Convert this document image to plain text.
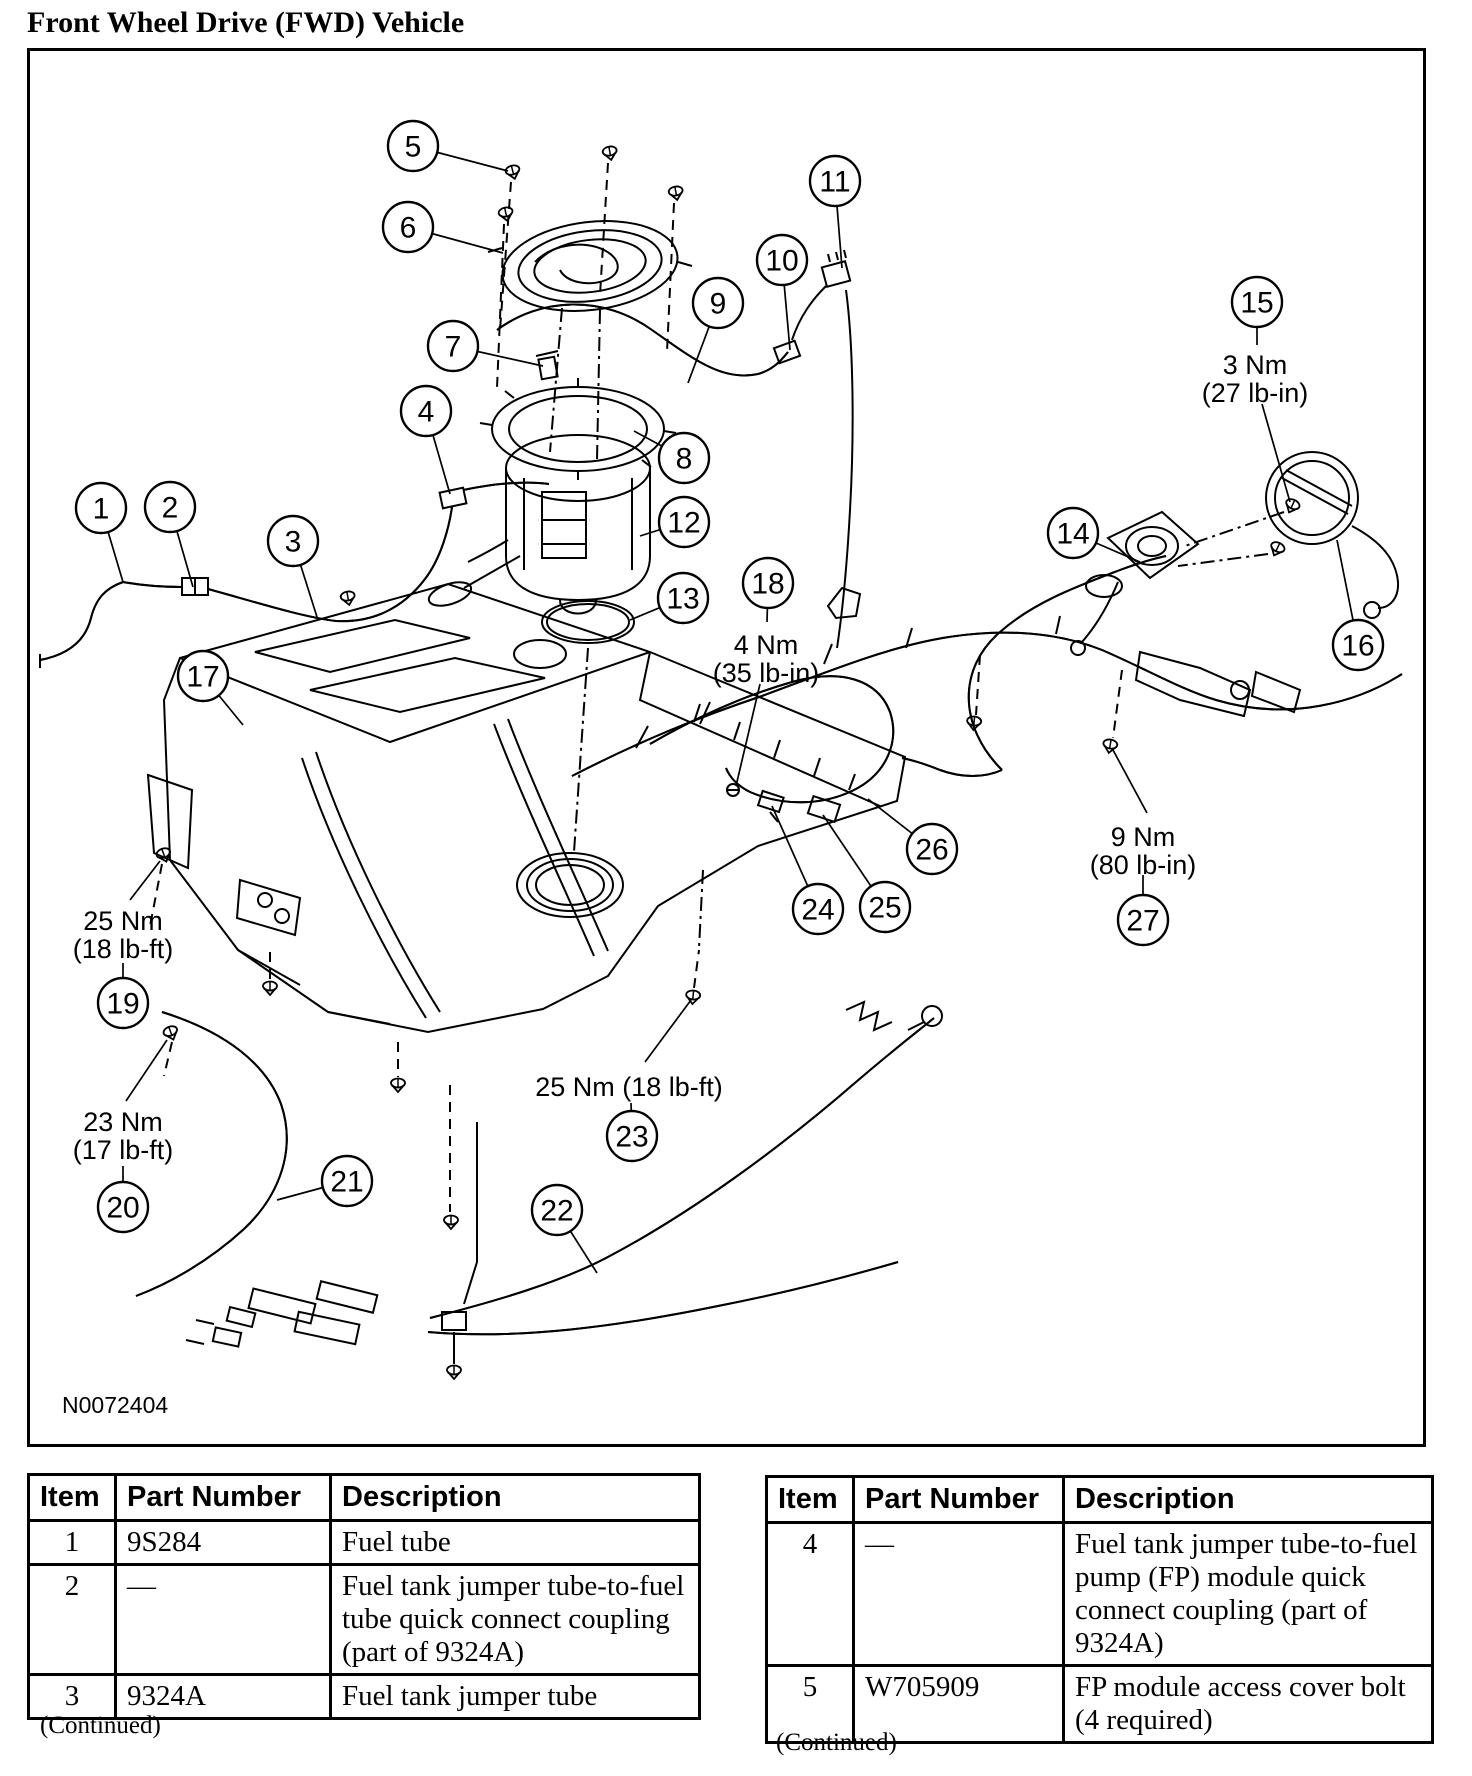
Front Wheel Drive (FWD) Vehicle
1 2
3
4
5
6
7
8
9
10
11
12
13
14
15
16
17
18
19
20
21
22
23
24 25
26
27
3 Nm (27 lb-in)
4 Nm (35 lb-in)
25 Nm (18 lb-ft)
23 Nm (17 lb-ft)
25 Nm (18 lb-ft)
9 Nm (80 lb-in)
N0072404
Item	Part Number	Description
1	9S284	Fuel tube
2	—	Fuel tank jumper tube-to-fuel tube quick connect coupling (part of 9324A)
3	9324A	Fuel tank jumper tube
(Continued)
Item	Part Number	Description
4	—	Fuel tank jumper tube-to-fuel pump (FP) module quick connect coupling (part of 9324A)
5	W705909	FP module access cover bolt (4 required)
(Continued)
